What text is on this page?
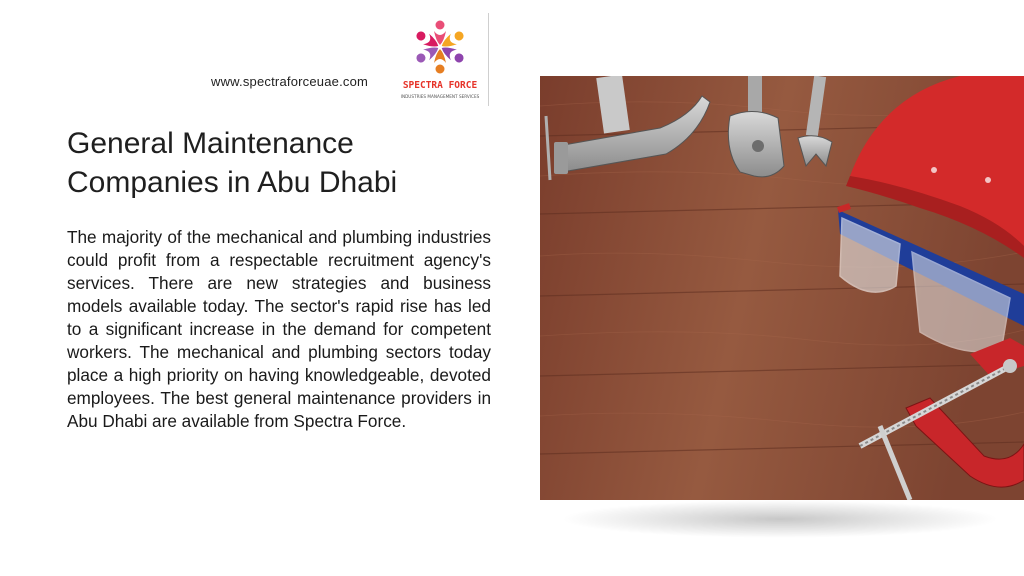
www.spectraforceuae.com	SPECTRA FORCE
INDUSTRIES MANAGEMENT SERVICES
General Maintenance
Companies in Abu Dhabi

The majority of the mechanical and plumbing industries could profit from a respectable recruitment agency's services. There are new strategies and business models available today. The sector's rapid rise has led to a significant increase in the demand for competent workers. The mechanical and plumbing sectors today place a high priority on having knowledgeable, devoted employees. The best general maintenance providers in Abu Dhabi are available from Spectra Force.
